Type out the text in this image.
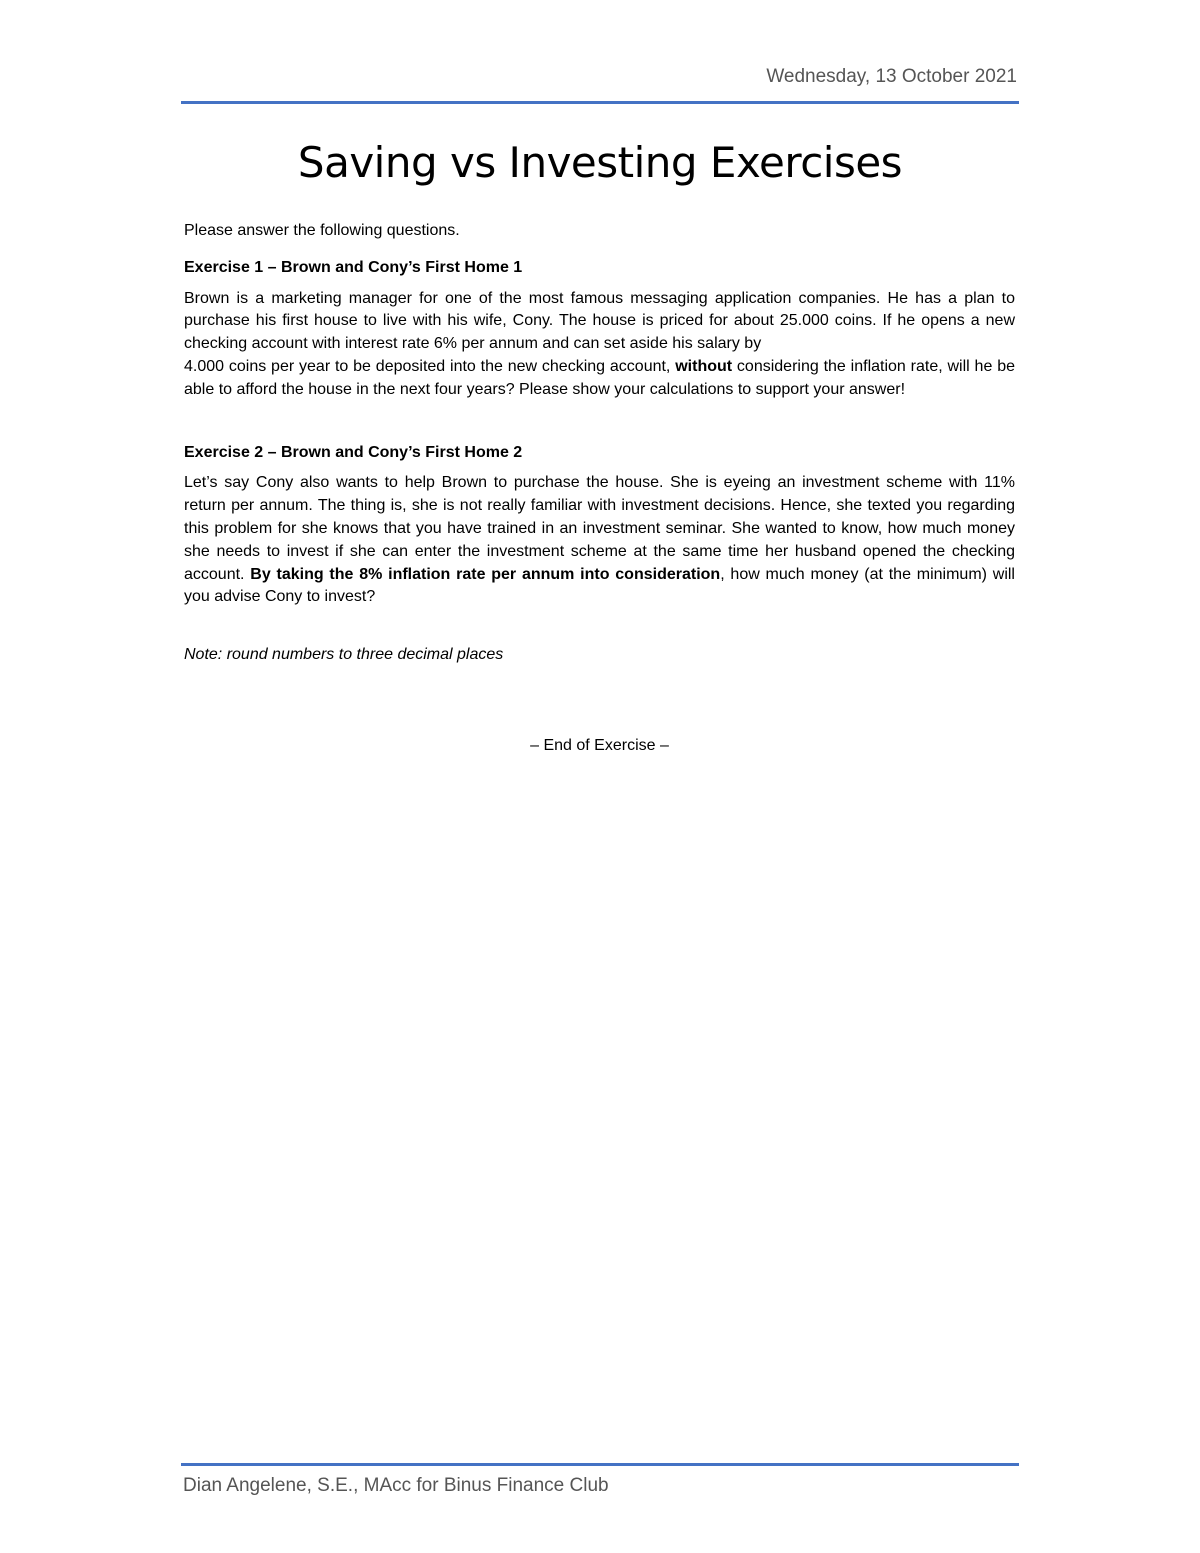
Wednesday, 13 October 2021
Saving vs Investing Exercises

Please answer the following questions.

Exercise 1 – Brown and Cony’s First Home 1

Brown is a marketing manager for one of the most famous messaging application companies. He has a plan to purchase his first house to live with his wife, Cony. The house is priced for about 25.000 coins. If he opens a new checking account with interest rate 6% per annum and can set aside his salary by

4.000 coins per year to be deposited into the new checking account, without considering the inflation rate, will he be able to afford the house in the next four years? Please show your calculations to support your answer!

Exercise 2 – Brown and Cony’s First Home 2

Let’s say Cony also wants to help Brown to purchase the house. She is eyeing an investment scheme with 11% return per annum. The thing is, she is not really familiar with investment decisions. Hence, she texted you regarding this problem for she knows that you have trained in an investment seminar. She wanted to know, how much money she needs to invest if she can enter the investment scheme at the same time her husband opened the checking account. By taking the 8% inflation rate per annum into consideration, how much money (at the minimum) will you advise Cony to invest?

Note: round numbers to three decimal places

– End of Exercise –

Dian Angelene, S.E., MAcc for Binus Finance Club
